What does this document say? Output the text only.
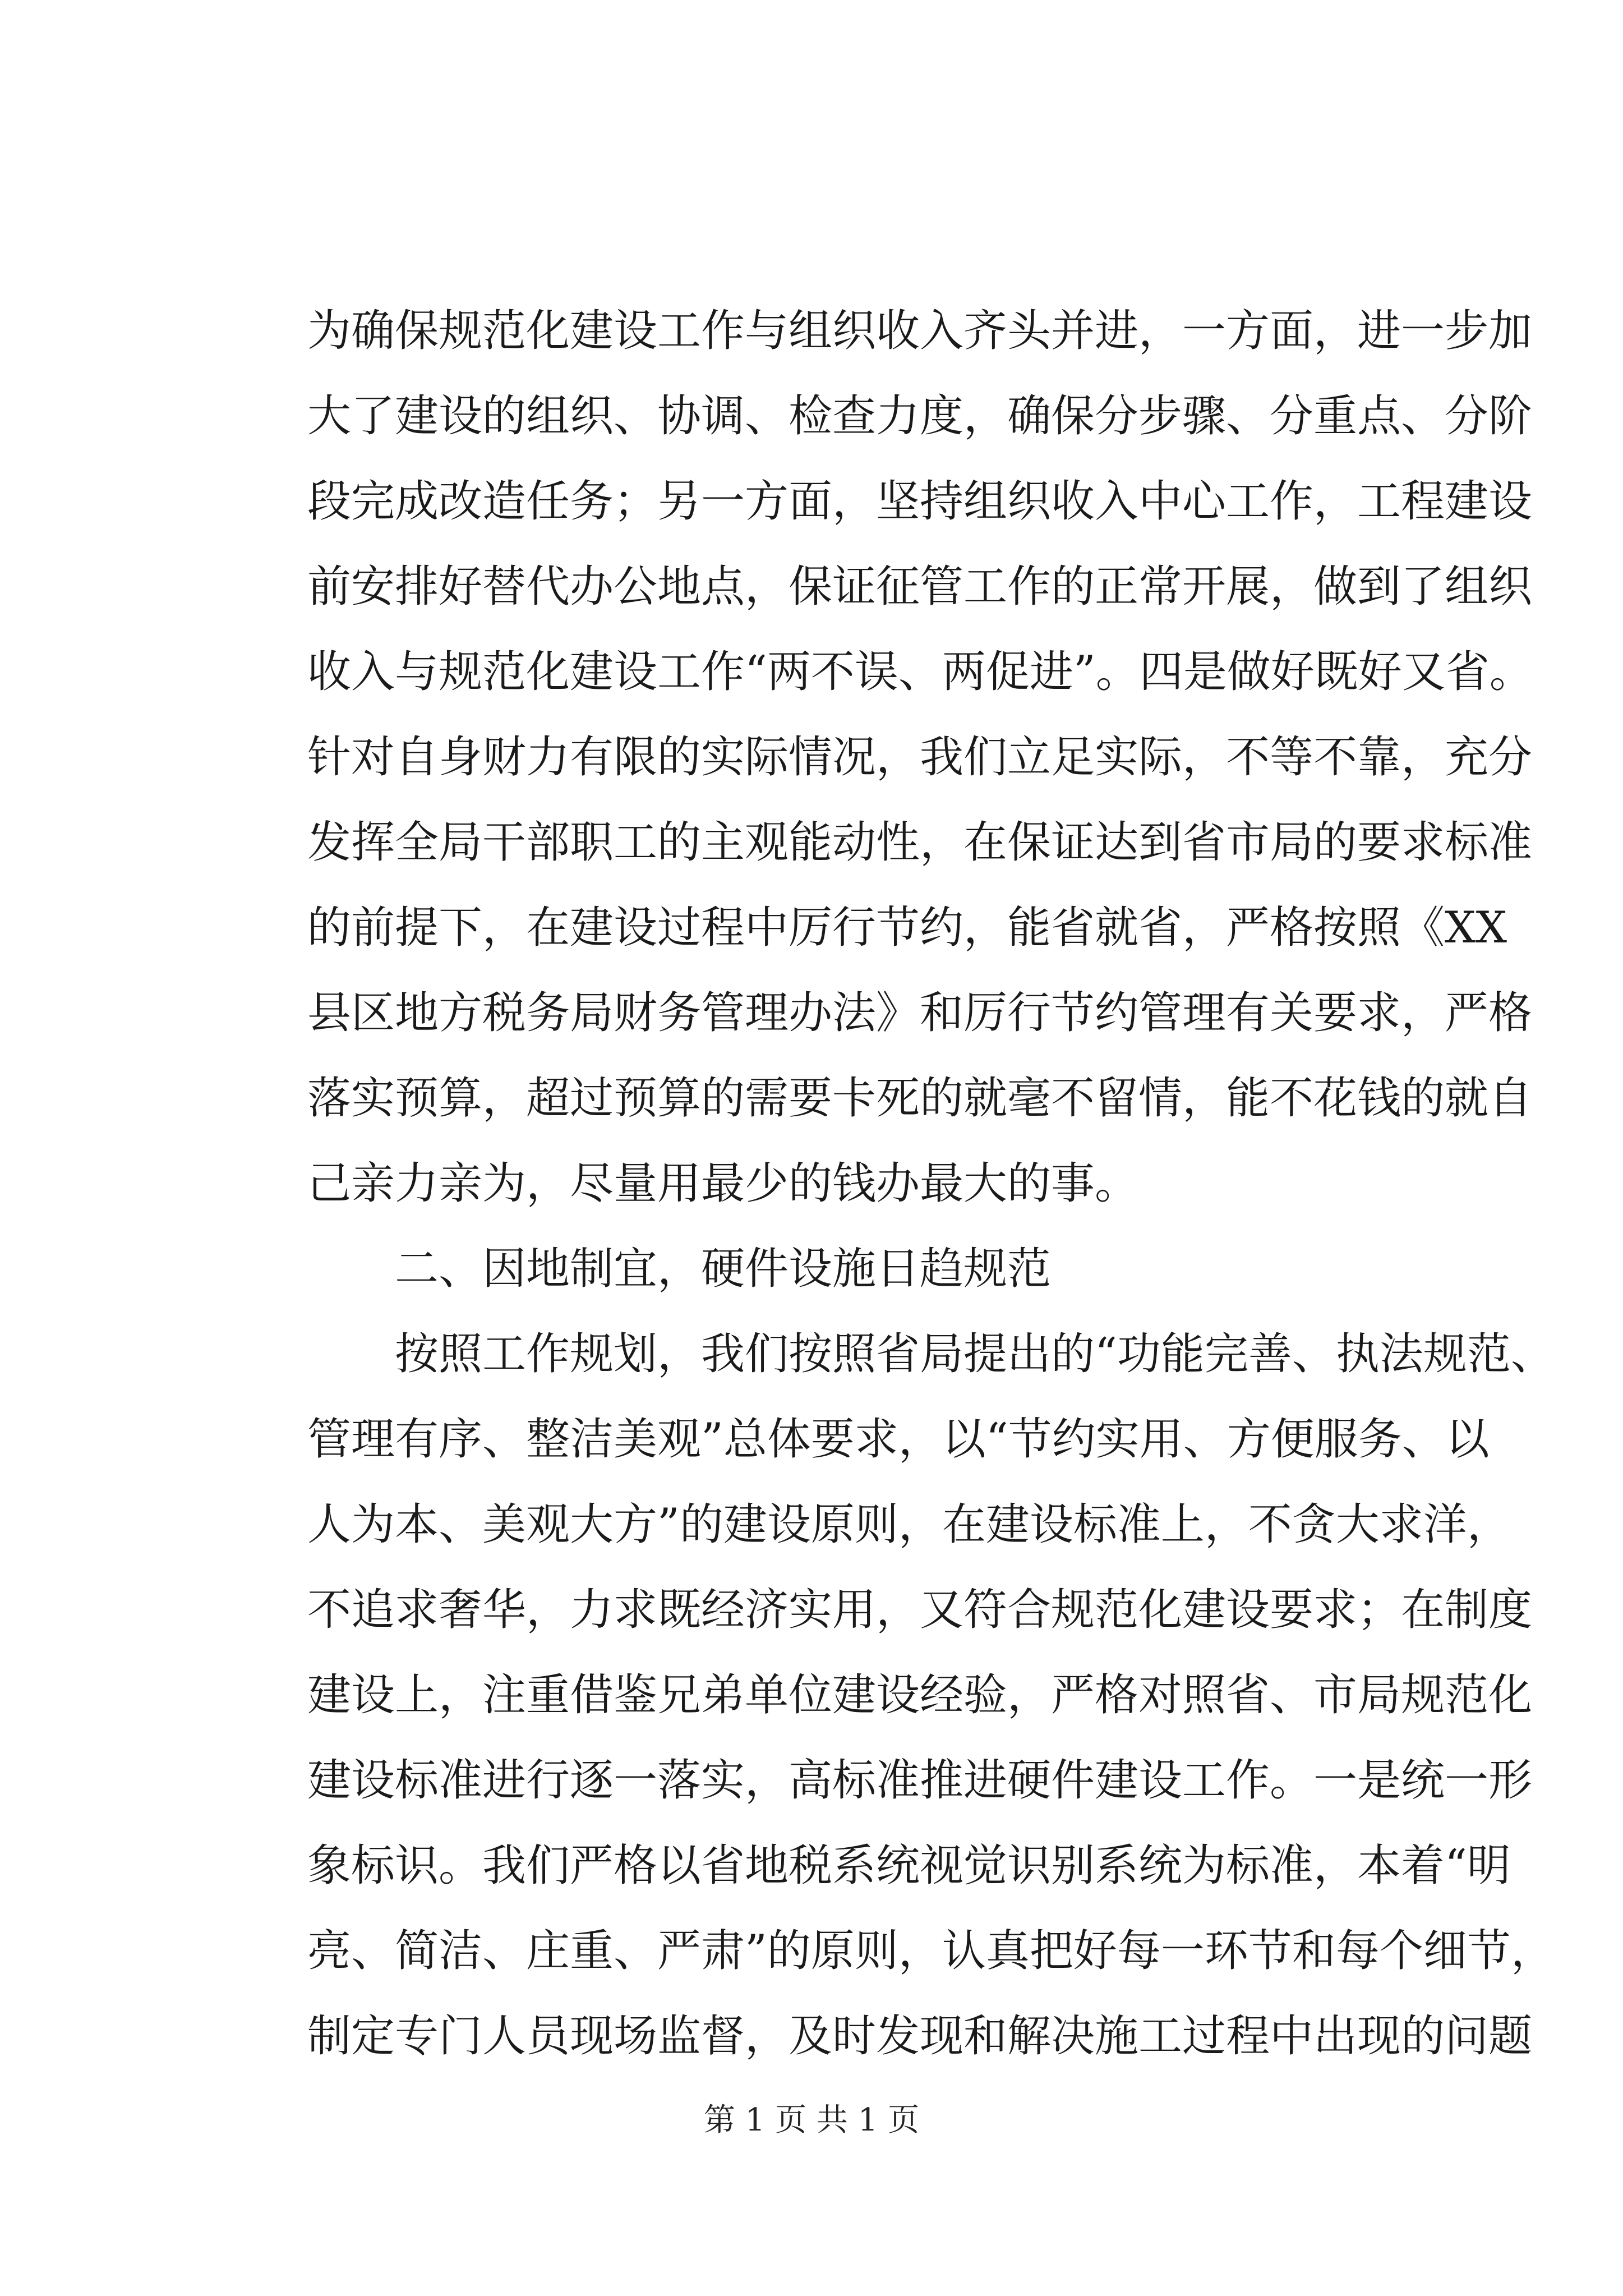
为确保规范化建设工作与组织收入齐头并进，一方面，进一步加
大了建设的组织、协调、检查力度，确保分步骤、分重点、分阶
段完成改造任务；另一方面，坚持组织收入中心工作，工程建设
前安排好替代办公地点，保证征管工作的正常开展，做到了组织
收入与规范化建设工作“两不误、两促进”。四是做好既好又省。
针对自身财力有限的实际情况，我们立足实际，不等不靠，充分
发挥全局干部职工的主观能动性，在保证达到省市局的要求标准
的前提下，在建设过程中厉行节约，能省就省，严格按照《XX
县区地方税务局财务管理办法》和厉行节约管理有关要求，严格
落实预算，超过预算的需要卡死的就毫不留情，能不花钱的就自
己亲力亲为，尽量用最少的钱办最大的事。
　　二、因地制宜，硬件设施日趋规范
　　按照工作规划，我们按照省局提出的“功能完善、执法规范、
管理有序、整洁美观”总体要求，以“节约实用、方便服务、以
人为本、美观大方”的建设原则，在建设标准上，不贪大求洋，
不追求奢华，力求既经济实用，又符合规范化建设要求；在制度
建设上，注重借鉴兄弟单位建设经验，严格对照省、市局规范化
建设标准进行逐一落实，高标准推进硬件建设工作。一是统一形
象标识。我们严格以省地税系统视觉识别系统为标准，本着“明
亮、简洁、庄重、严肃”的原则，认真把好每一环节和每个细节，
制定专门人员现场监督，及时发现和解决施工过程中出现的问题
第 1 页 共 1 页
